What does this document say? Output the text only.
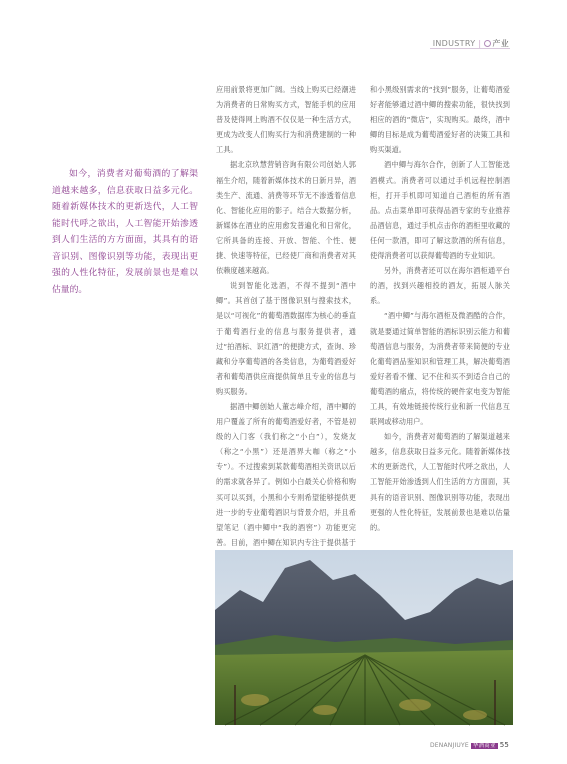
INDUSTRY | 产业
如今，消费者对葡萄酒的了解渠道越来越多，信息获取日益多元化。随着新媒体技术的更新迭代，人工智能时代呼之欲出，人工智能开始渗透到人们生活的方方面面，其具有的语音识别、图像识别等功能，表现出更强的人性化特征，发展前景也是难以估量的。

应用前景将更加广阔。当线上购买已经潮进为消费者的日常购买方式，智能手机的应用普及使得网上购酒不仅仅是一种生活方式，更成为改变人们购买行为和消费建制的一种工具。

据北京玖慧营销咨询有限公司创始人郭福生介绍，随着新媒体技术的日新月异，酒类生产、流通、消费等环节无不渗透着信息化、智能化应用的影子。结合大数据分析，新媒体在酒业的应用愈发普遍化和日常化，它所具备的连接、开放、智能、个性、便捷、快速等特征，已经使厂商和消费者对其依赖度越来越高。

说到智能化选酒，不得不提到“酒中鲫”。其首创了基于图像识别与搜索技术，是以“可视化”的葡萄酒数据库为核心的垂直于葡萄酒行业的信息与服务提供者，通过“拍酒标、识红酒”的便捷方式，查询、珍藏和分享葡萄酒的各类信息，为葡萄酒爱好者和葡萄酒供应商提供简单且专业的信息与购买服务。

据酒中鲫创始人董志峰介绍，酒中鲫的用户覆盖了所有的葡萄酒爱好者，不管是初级的入门客（我们称之“小白”），发烧友（称之“小黑”）还是酒界大咖（称之“小专”）。不过搜索到某款葡萄酒相关资讯以后的需求就各异了。例如小白最关心价格和购买可以买到，小黑和小专则希望能够提供更进一步的专业葡萄酒识与背景介绍，并且希望笔记（酒中鲫中“我的酒窖”）功能更完善。目前，酒中鲫在知识内专注于提供基于

和小黑级别需求的“找到”服务，让葡萄酒爱好者能够通过酒中鲫的搜索功能，很快找到相应的酒的“微店”，实现购买。最终，酒中鲫的目标是成为葡萄酒爱好者的决策工具和购买渠道。

酒中鲫与海尔合作，创新了人工智能选酒模式。消费者可以通过手机远程控制酒柜，打开手机即可知道自己酒柜的所有酒品。点击菜单即可获得品酒专家的专业推荐品酒信息，通过手机点击你的酒柜里收藏的任何一款酒，即可了解这款酒的所有信息，使得消费者可以获得葡萄酒的专业知识。

另外，消费者还可以在海尔酒柜通平台的酒，找到兴趣相投的酒友，拓展人脉关系。

“酒中鲫”与海尔酒柜及微酒酷的合作，就是要通过简单智能的酒标识别云能力和葡萄酒信息与服务，为消费者带来简便的专业化葡萄酒品鉴知识和管理工具，解决葡萄酒爱好者看不懂、记不住和买不到适合自己的葡萄酒的痛点，将传统的硬件家电变为智能工具，有效地链接传统行业和新一代信息互联网或移动用户。

如今，消费者对葡萄酒的了解渠道越来越多，信息获取日益多元化。随着新媒体技术的更新迭代，人工智能时代呼之欲出，人工智能开始渗透到人们生活的方方面面，其具有的语音识别、图像识别等功能，表现出更强的人性化特征，发展前景也是难以估量的。

DENANJIUYE 华酒商业 55
